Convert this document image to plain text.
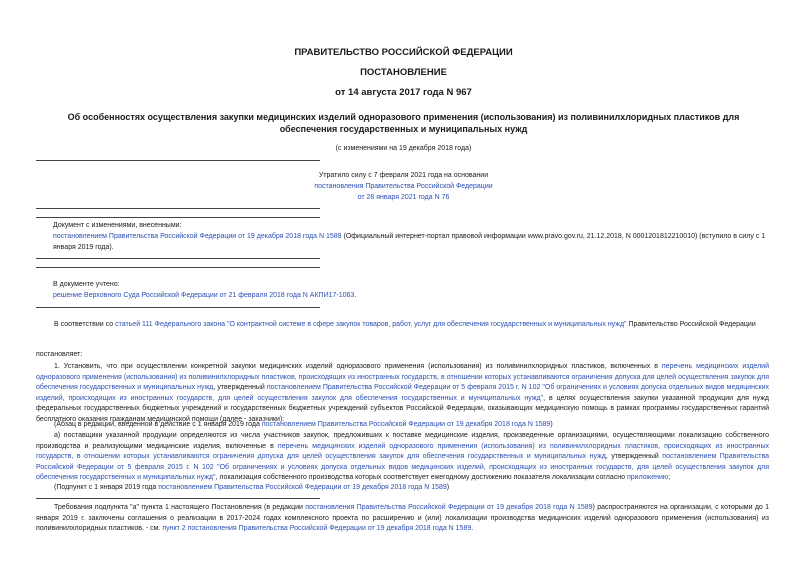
ПРАВИТЕЛЬСТВО РОССИЙСКОЙ ФЕДЕРАЦИИ
ПОСТАНОВЛЕНИЕ
от 14 августа 2017 года N 967
Об особенностях осуществления закупки медицинских изделий одноразового применения (использования) из поливинилхлоридных пластиков для обеспечения государственных и муниципальных нужд
(с изменениями на 19 декабря 2018 года)
Утратило силу с 7 февраля 2021 года на основании
постановления Правительства Российской Федерации
от 28 января 2021 года N 76
Документ с изменениями, внесенными:
постановлением Правительства Российской Федерации от 19 декабря 2018 года N 1589 (Официальный интернет-портал правовой информации www.pravo.gov.ru, 21.12.2018, N 0001201812210010) (вступило в силу с 1 января 2019 года).
В документе учтено:
решение Верховного Суда Российской Федерации от 21 февраля 2018 года N АКПИ17-1063.
В соответствии со статьей 111 Федерального закона "О контрактной системе в сфере закупок товаров, работ, услуг для обеспечения государственных и муниципальных нужд" Правительство Российской Федерации
постановляет:
1. Установить, что при осуществлении конкретной закупки медицинских изделий одноразового применения (использования) из поливинилхлоридных пластиков, включенных в перечень медицинских изделий одноразового применения (использования) из поливинилхлоридных пластиков, происходящих из иностранных государств, в отношении которых устанавливаются ограничения допуска для целей осуществления закупок для обеспечения государственных и муниципальных нужд, утвержденный постановлением Правительства Российской Федерации от 5 февраля 2015 г. N 102 "Об ограничениях и условиях допуска отдельных видов медицинских изделий, происходящих из иностранных государств, для целей осуществления закупок для обеспечения государственных и муниципальных нужд", в целях осуществления закупки указанной продукции для нужд федеральных государственных бюджетных учреждений и государственных бюджетных учреждений субъектов Российской Федерации, оказывающих медицинскую помощь в рамках программы государственных гарантий бесплатного оказания гражданам медицинской помощи (далее - заказчики):
(Абзац в редакции, введенной в действие с 1 января 2019 года постановлением Правительства Российской Федерации от 19 декабря 2018 года N 1589)
а) поставщики указанной продукции определяются из числа участников закупок, предложивших к поставке медицинские изделия, произведенные организациями, осуществляющими локализацию собственного производства и реализующими медицинские изделия, включенные в перечень медицинских изделий одноразового применения (использования) из поливинилхлоридных пластиков, происходящих из иностранных государств, в отношении которых устанавливаются ограничения допуска для целей осуществления закупок для обеспечения государственных и муниципальных нужд, утвержденный постановлением Правительства Российской Федерации от 5 февраля 2015 г. N 102 "Об ограничениях и условиях допуска отдельных видов медицинских изделий, происходящих из иностранных государств, для целей осуществления закупок для обеспечения государственных и муниципальных нужд", локализация собственного производства которых соответствует ежегодному достижению показателя локализации согласно приложению;
(Подпункт с 1 января 2019 года постановлением Правительства Российской Федерации от 19 декабря 2018 года N 1589)
Требования подпункта "а" пункта 1 настоящего Постановления (в редакции постановления Правительства Российской Федерации от 19 декабря 2018 года N 1589) распространяются на организации, с которыми до 1 января 2019 г. заключены соглашения о реализации в 2017-2024 годах комплексного проекта по расширению и (или) локализации производства медицинских изделий одноразового применения (использования) из поливинилхлоридных пластиков, - см. пункт 2 постановления Правительства Российской Федерации от 19 декабря 2018 года N 1589.
